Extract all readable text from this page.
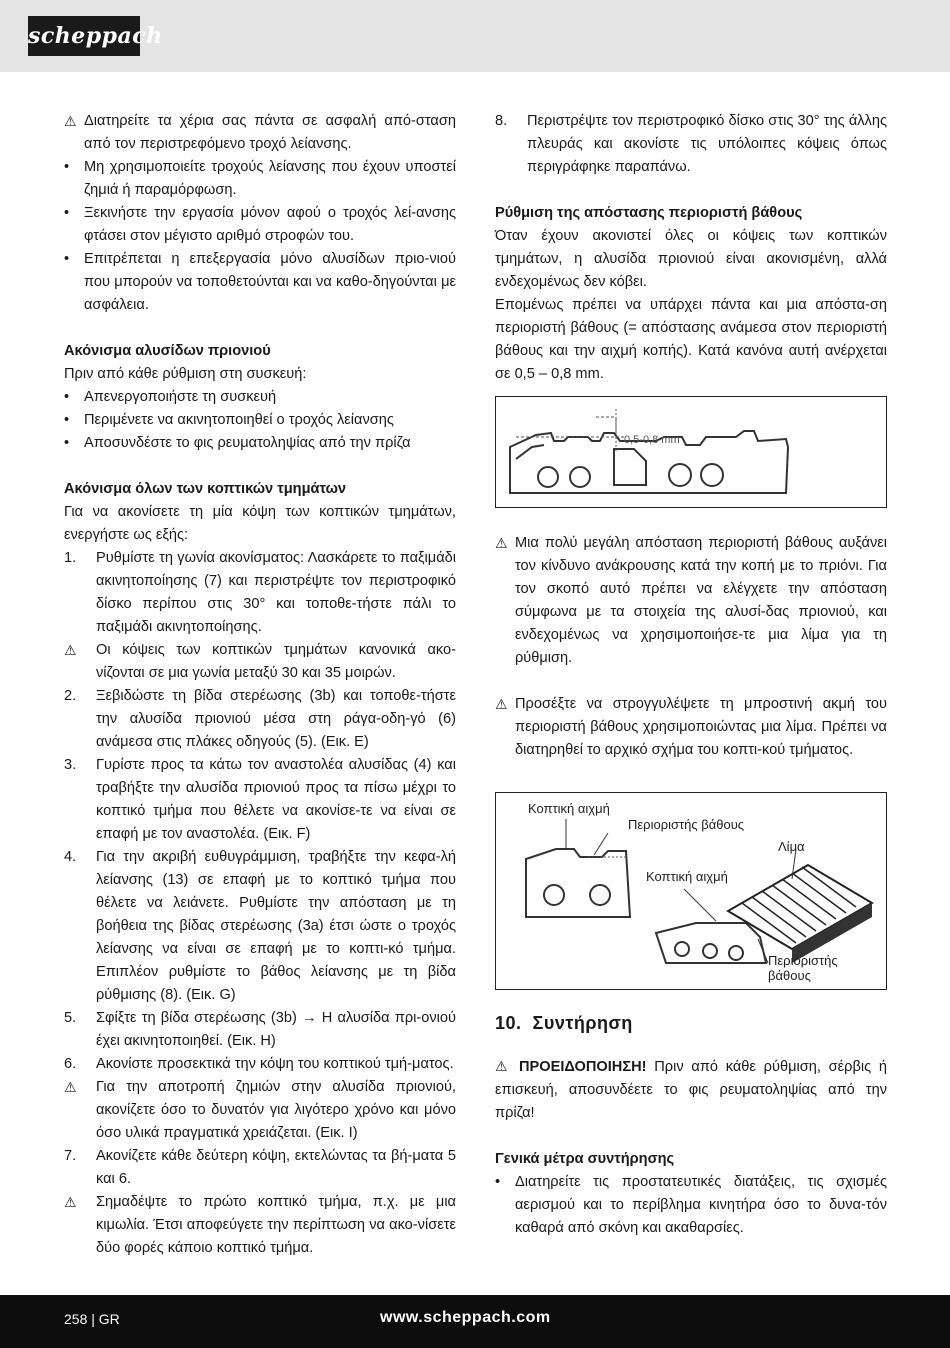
scheppach
⚠ Διατηρείτε τα χέρια σας πάντα σε ασφαλή από-σταση από τον περιστρεφόμενο τροχό λείανσης.
•	Μη χρησιμοποιείτε τροχούς λείανσης που έχουν υποστεί ζημιά ή παραμόρφωση.
•	Ξεκινήστε την εργασία μόνον αφού ο τροχός λεί-ανσης φτάσει στον μέγιστο αριθμό στροφών του.
•	Επιτρέπεται η επεξεργασία μόνο αλυσίδων πριο-νιού που μπορούν να τοποθετούνται και να καθο-δηγούνται με ασφάλεια.

Ακόνισμα αλυσίδων πριονιού

Πριν από κάθε ρύθμιση στη συσκευή:

•	Απενεργοποιήστε τη συσκευή
•	Περιμένετε να ακινητοποιηθεί ο τροχός λείανσης
•	Αποσυνδέστε το φις ρευματοληψίας από την πρίζα

Ακόνισμα όλων των κοπτικών τμημάτων

Για να ακονίσετε τη μία κόψη των κοπτικών τμημάτων, ενεργήστε ως εξής:

1.	Ρυθμίστε τη γωνία ακονίσματος: Λασκάρετε το παξιμάδι ακινητοποίησης (7) και περιστρέψτε τον περιστροφικό δίσκο περίπου στις 30° και τοποθε-τήστε πάλι το παξιμάδι ακινητοποίησης.
⚠	Οι κόψεις των κοπτικών τμημάτων κανονικά ακο-νίζονται σε μια γωνία μεταξύ 30 και 35 μοιρών.
2.	Ξεβιδώστε τη βίδα στερέωσης (3b) και τοποθε-τήστε την αλυσίδα πριονιού μέσα στη ράγα-οδη-γό (6) ανάμεσα στις πλάκες οδηγούς (5). (Εικ. E)
3.	Γυρίστε προς τα κάτω τον αναστολέα αλυσίδας (4) και τραβήξτε την αλυσίδα πριονιού προς τα πίσω μέχρι το κοπτικό τμήμα που θέλετε να ακονίσε-τε να είναι σε επαφή με τον αναστολέα. (Εικ. F)
4.	Για την ακριβή ευθυγράμμιση, τραβήξτε την κεφα-λή λείανσης (13) σε επαφή με το κοπτικό τμήμα που θέλετε να λειάνετε. Ρυθμίστε την απόσταση με τη βοήθεια της βίδας στερέωσης (3a) έτσι ώστε ο τροχός λείανσης να είναι σε επαφή με το κοπτι-κό τμήμα. Επιπλέον ρυθμίστε το βάθος λείανσης με τη βίδα ρύθμισης (8). (Εικ. G)
5.	Σφίξτε τη βίδα στερέωσης (3b) → Η αλυσίδα πρι-ονιού έχει ακινητοποιηθεί. (Εικ. H)
6.	Ακονίστε προσεκτικά την κόψη του κοπτικού τμή-ματος.
⚠	Για την αποτροπή ζημιών στην αλυσίδα πριονιού, ακονίζετε όσο το δυνατόν για λιγότερο χρόνο και μόνο όσο υλικά πραγματικά χρειάζεται. (Εικ. I)
7.	Ακονίζετε κάθε δεύτερη κόψη, εκτελώντας τα βή-ματα 5 και 6.
⚠	Σημαδέψτε το πρώτο κοπτικό τμήμα, π.χ. με μια κιμωλία. Έτσι αποφεύγετε την περίπτωση να ακο-νίσετε δύο φορές κάποιο κοπτικό τμήμα.
8.	Περιστρέψτε τον περιστροφικό δίσκο στις 30° της άλλης πλευράς και ακονίστε τις υπόλοιπες κόψεις όπως περιγράφηκε παραπάνω.

Ρύθμιση της απόστασης περιοριστή βάθους

Όταν έχουν ακονιστεί όλες οι κόψεις των κοπτικών τμημάτων, η αλυσίδα πριονιού είναι ακονισμένη, αλλά ενδεχομένως δεν κόβει.

Επομένως πρέπει να υπάρχει πάντα και μια απόστα-ση περιοριστή βάθους (= απόστασης ανάμεσα στον περιοριστή βάθους και την αιχμή κοπής). Κατά κανόνα αυτή ανέρχεται σε 0,5 – 0,8 mm.

0,5-0,8 mm
⚠ Μια πολύ μεγάλη απόσταση περιοριστή βάθους αυξάνει τον κίνδυνο ανάκρουσης κατά την κοπή με το πριόνι. Για τον σκοπό αυτό πρέπει να ελέγχετε την απόσταση σύμφωνα με τα στοιχεία της αλυσί-δας πριονιού, και ενδεχομένως να χρησιμοποιήσε-τε μια λίμα για τη ρύθμιση.
⚠ Προσέξτε να στρογγυλέψετε τη μπροστινή ακμή του περιοριστή βάθους χρησιμοποιώντας μια λίμα. Πρέπει να διατηρηθεί το αρχικό σχήμα του κοπτι-κού τμήματος.
Κοπτική αιχμή
Περιοριστής βάθους
Λίμα
Κοπτική αιχμή
Περιοριστής
βάθους
10. Συντήρηση

⚠ ΠΡΟΕΙΔΟΠΟΙΗΣΗ! Πριν από κάθε ρύθμιση, σέρβις ή επισκευή, αποσυνδέετε το φις ρευματοληψίας από την πρίζα!

Γενικά μέτρα συντήρησης

•	Διατηρείτε τις προστατευτικές διατάξεις, τις σχισμές αερισμού και το περίβλημα κινητήρα όσο το δυνα-τόν καθαρά από σκόνη και ακαθαρσίες.
258 | GR	www.scheppach.com
